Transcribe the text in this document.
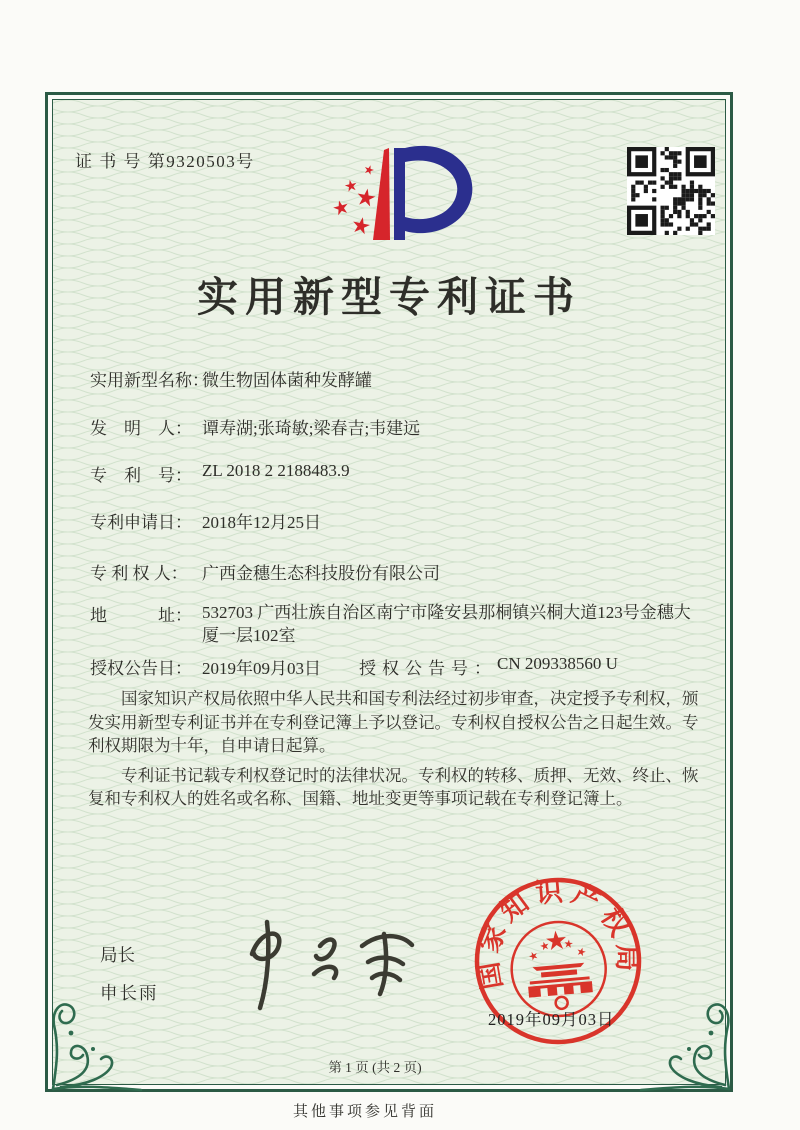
证 书 号 第9320503号
实用新型专利证书
实用新型名称：微生物固体菌种发酵罐
发　明　人： 谭寿湖;张琦敏;梁春吉;韦建远
专　利　号： ZL 2018 2 2188483.9
专利申请日： 2018年12月25日
专 利 权 人： 广西金穗生态科技股份有限公司
地　　　址： 532703 广西壮族自治区南宁市隆安县那桐镇兴桐大道123号金穗大厦一层102室
授权公告日： 2019年09月03日 授权公告号：CN 209338560 U

国家知识产权局依照中华人民共和国专利法经过初步审查，决定授予专利权，颁发实用新型专利证书并在专利登记簿上予以登记。专利权自授权公告之日起生效。专利权期限为十年，自申请日起算。

专利证书记载专利权登记时的法律状况。专利权的转移、质押、无效、终止、恢复和专利权人的姓名或名称、国籍、地址变更等事项记载在专利登记簿上。

局长
申长雨
国家知识产权局
2019年09月03日
第 1 页 (共 2 页)
其他事项参见背面
